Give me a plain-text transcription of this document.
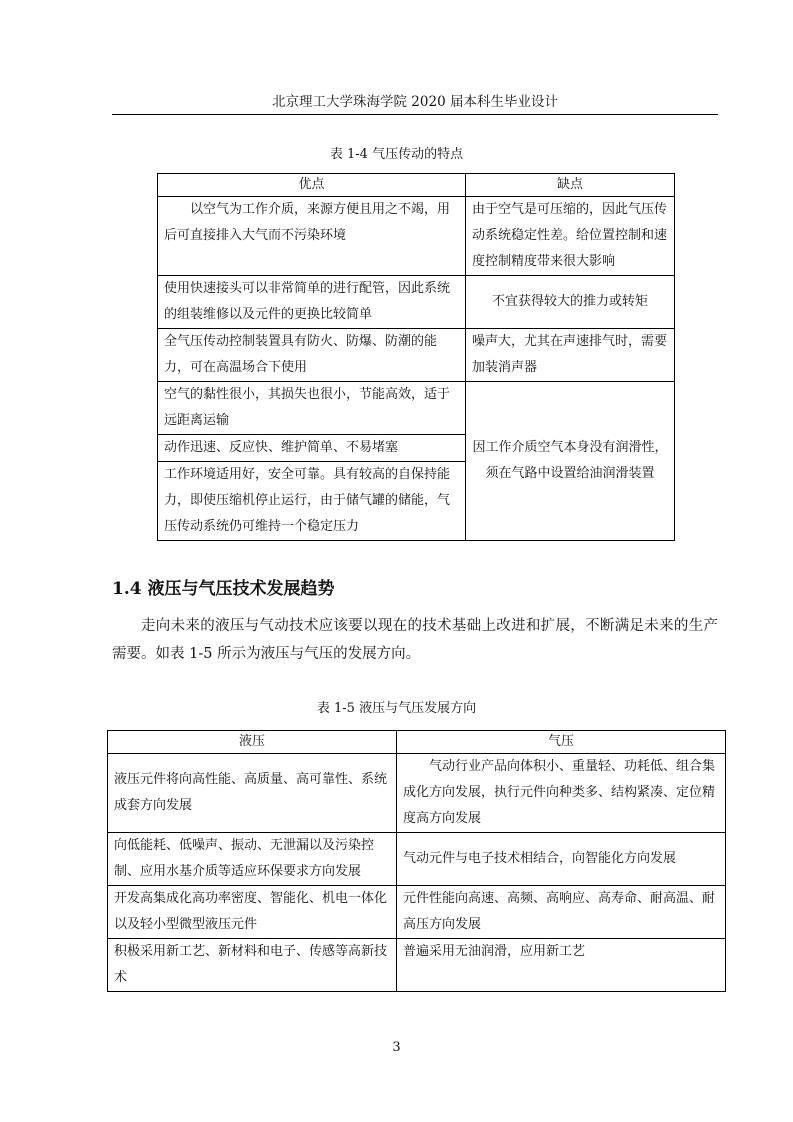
北京理工大学珠海学院 2020 届本科生毕业设计
表 1-4 气压传动的特点
优点	缺点
以空气为工作介质，来源方便且用之不竭，用后可直接排入大气而不污染环境	由于空气是可压缩的，因此气压传动系统稳定性差。给位置控制和速度控制精度带来很大影响
使用快速接头可以非常简单的进行配管，因此系统的组装维修以及元件的更换比较简单	不宜获得较大的推力或转矩
全气压传动控制装置具有防火、防爆、防潮的能力，可在高温场合下使用	噪声大，尤其在声速排气时，需要加装消声器
空气的黏性很小，其损失也很小，节能高效，适于远距离运输	因工作介质空气本身没有润滑性，须在气路中设置给油润滑装置
动作迅速、反应快、维护简单、不易堵塞	
工作环境适用好，安全可靠。具有较高的自保持能力，即使压缩机停止运行，由于储气罐的储能，气压传动系统仍可维持一个稳定压力	
1.4 液压与气压技术发展趋势
走向未来的液压与气动技术应该要以现在的技术基础上改进和扩展，不断满足未来的生产需要。如表 1-5 所示为液压与气压的发展方向。
表 1-5 液压与气压发展方向
液压	气压
液压元件将向高性能、高质量、高可靠性、系统成套方向发展	气动行业产品向体积小、重量轻、功耗低、组合集成化方向发展，执行元件向种类多、结构紧凑、定位精度高方向发展
向低能耗、低噪声、振动、无泄漏以及污染控制、应用水基介质等适应环保要求方向发展	气动元件与电子技术相结合，向智能化方向发展
开发高集成化高功率密度、智能化、机电一体化以及轻小型微型液压元件	元件性能向高速、高频、高响应、高寿命、耐高温、耐高压方向发展
积极采用新工艺、新材料和电子、传感等高新技术	普遍采用无油润滑，应用新工艺
3
